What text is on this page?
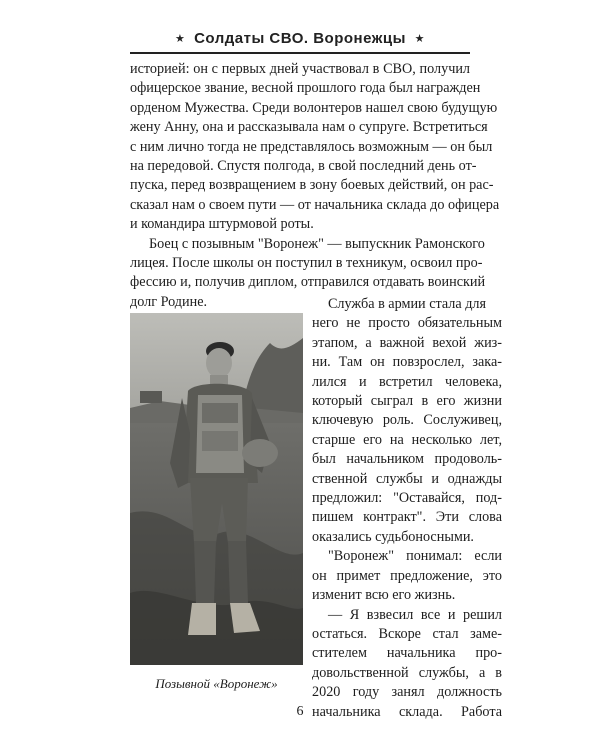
★ Солдаты СВО. Воронежцы ★
историей: он с первых дней участвовал в СВО, получил
офицерское звание, весной прошлого года был награжден
орденом Мужества. Среди волонтеров нашел свою будущую
жену Анну, она и рассказывала нам о супруге. Встретиться
с ним лично тогда не представлялось возможным — он был
на передовой. Спустя полгода, в свой последний день от-
пуска, перед возвращением в зону боевых действий, он рас-
сказал нам о своем пути — от начальника склада до офицера
и командира штурмовой роты.
Боец с позывным "Воронеж" — выпускник Рамонского
лицея. После школы он поступил в техникум, освоил про-
фессию и, получив диплом, отправился отдавать воинский
долг Родине.
Позывной «Воронеж»
Служба в армии стала для
него не просто обязательным
этапом, а важной вехой жиз-
ни. Там он повзрослел, зака-
лился и встретил человека,
который сыграл в его жизни
ключевую роль. Сослуживец,
старше его на несколько лет,
был начальником продоволь-
ственной службы и однажды
предложил: "Оставайся, под-
пишем контракт". Эти слова
оказались судьбоносными.
"Воронеж" понимал: если
он примет предложение, это
изменит всю его жизнь.
— Я взвесил все и решил
остаться. Вскоре стал заме-
стителем начальника про-
довольственной службы, а в
2020 году занял должность
начальника склада. Работа
6
